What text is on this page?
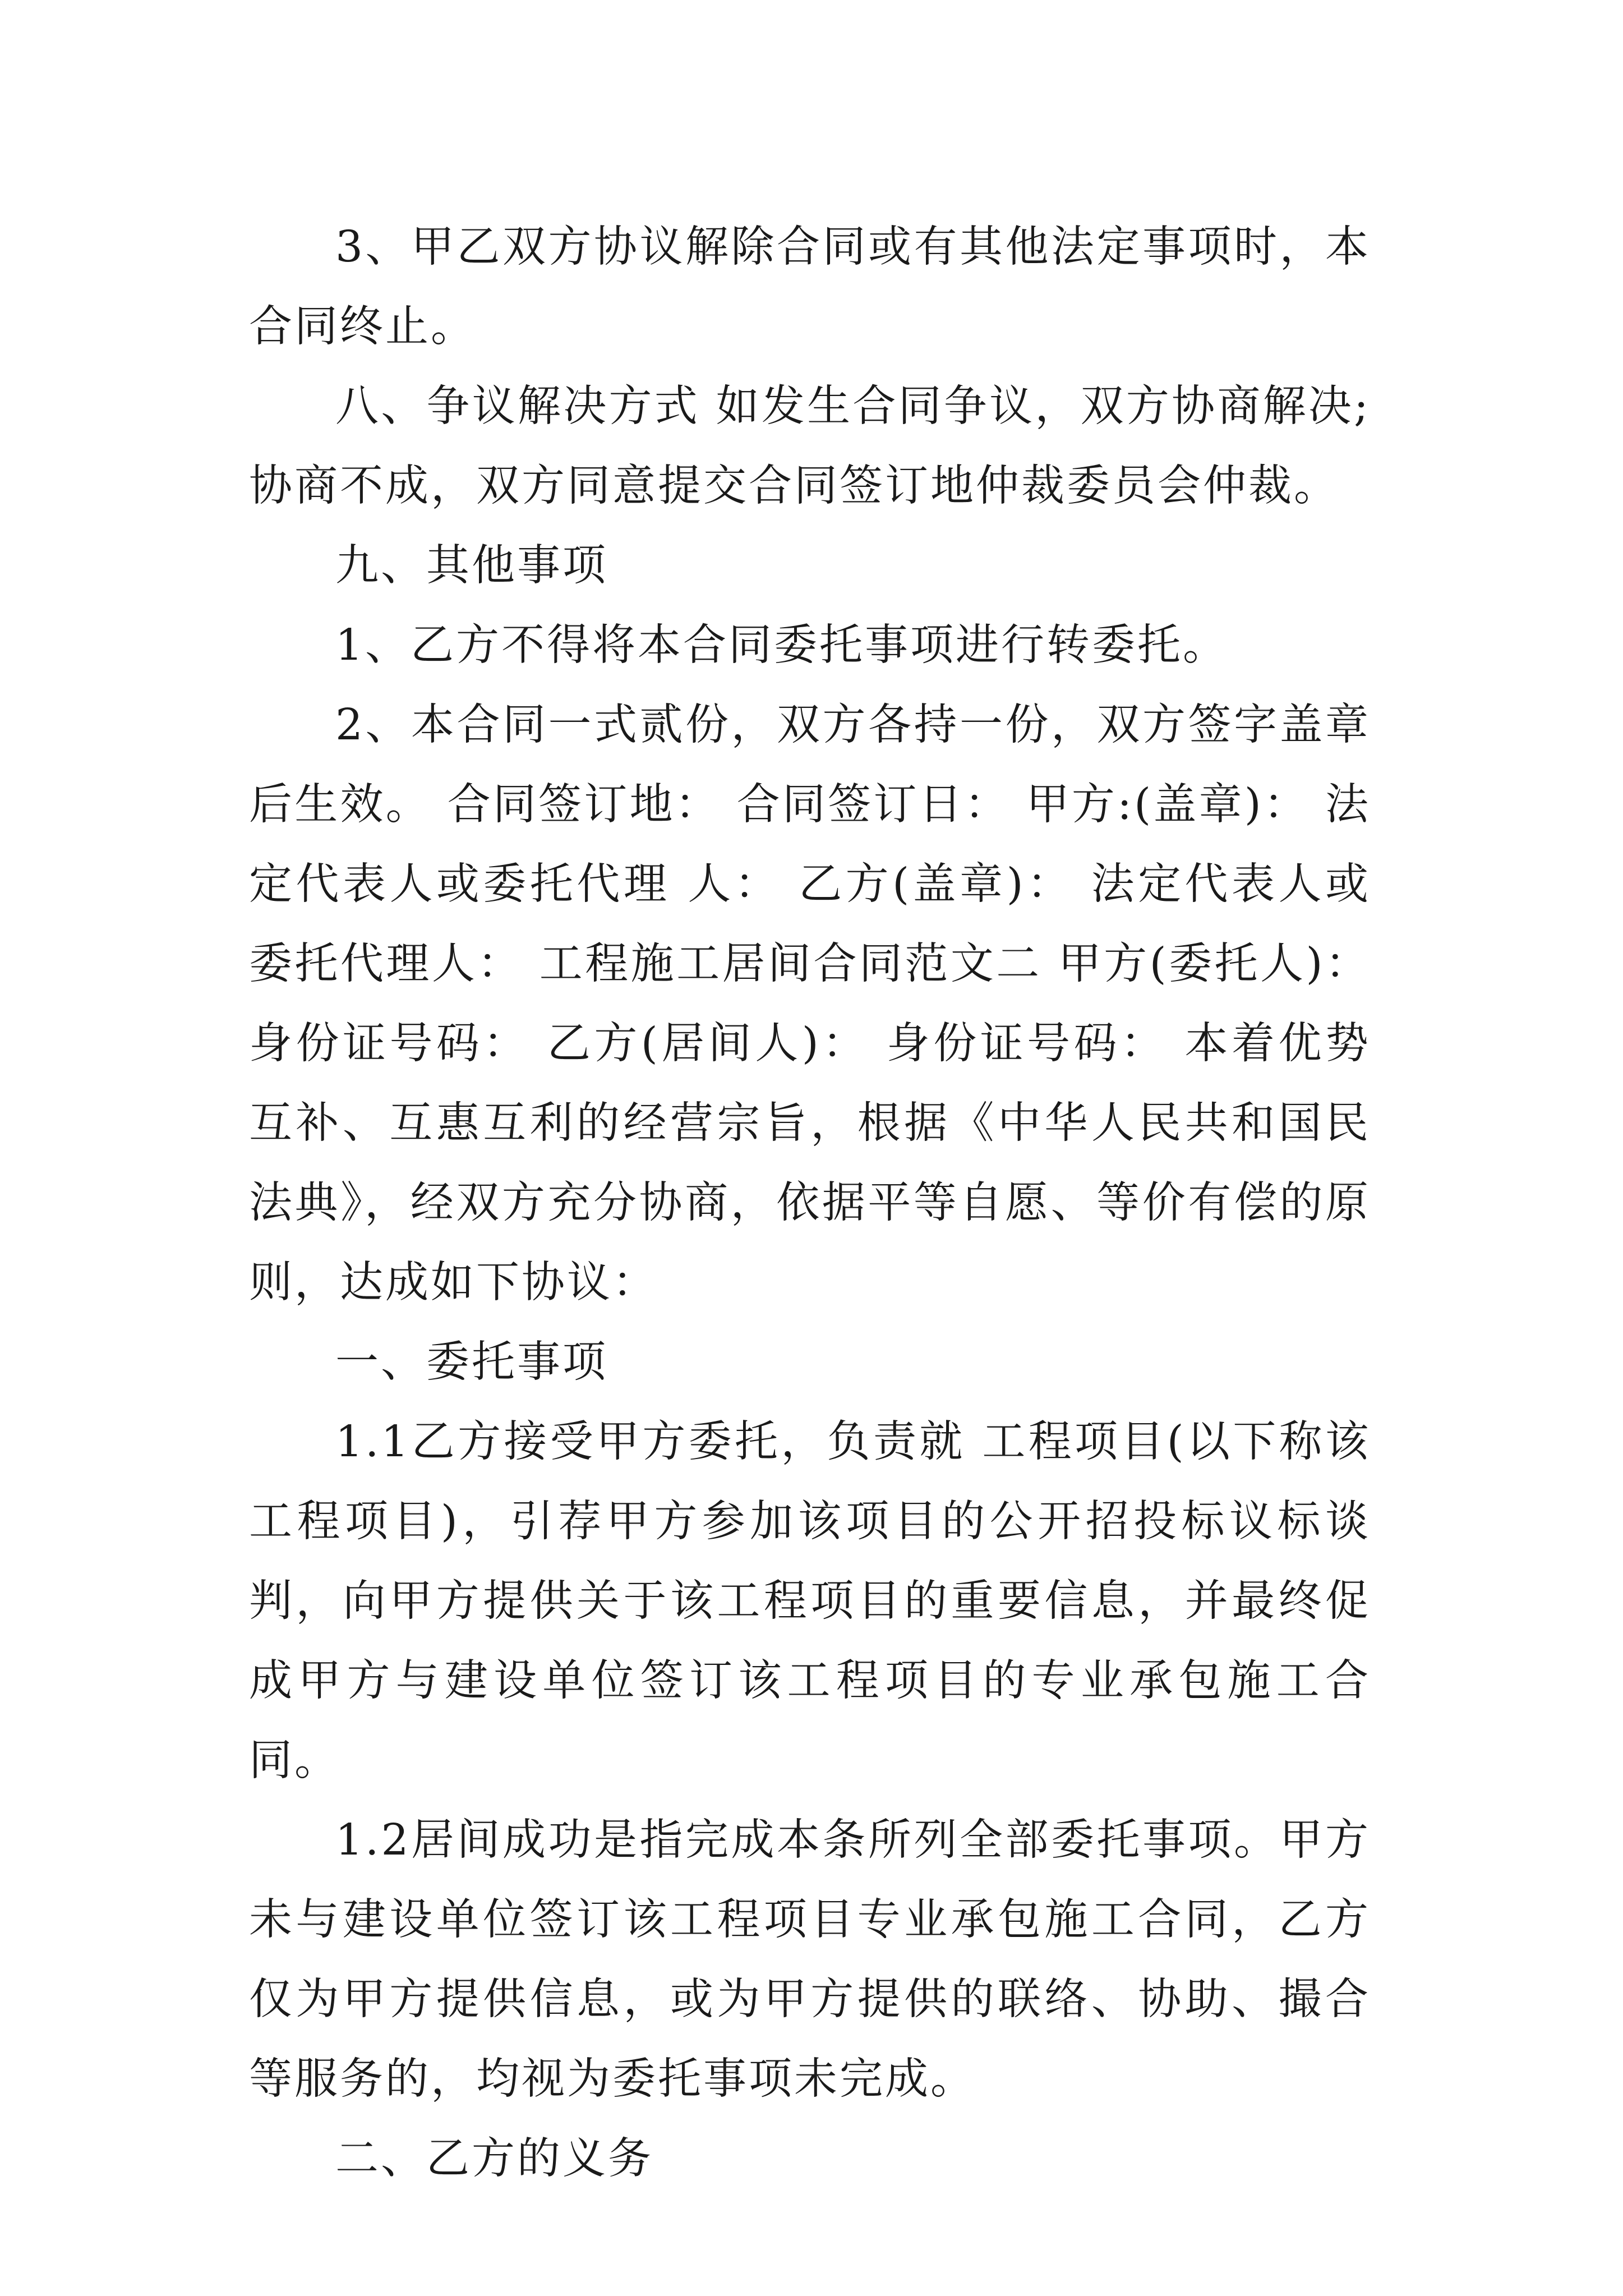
3、甲乙双方协议解除合同或有其他法定事项时，本合同终止。

八、争议解决方式 如发生合同争议，双方协商解决;协商不成，双方同意提交合同签订地仲裁委员会仲裁。

九、其他事项

1、乙方不得将本合同委托事项进行转委托。

2、本合同一式贰份，双方各持一份，双方签字盖章后生效。 合同签订地： 合同签订日： 甲方:(盖章)： 法定代表人或委托代理 人： 乙方(盖章)： 法定代表人或委托代理人： 工程施工居间合同范文二 甲方(委托人)： 身份证号码： 乙方(居间人)： 身份证号码： 本着优势互补、互惠互利的经营宗旨，根据《中华人民共和国民法典》，经双方充分协商，依据平等自愿、等价有偿的原则，达成如下协议：

一、委托事项

1.1乙方接受甲方委托，负责就 工程项目(以下称该工程项目)，引荐甲方参加该项目的公开招投标议标谈判，向甲方提供关于该工程项目的重要信息，并最终促成甲方与建设单位签订该工程项目的专业承包施工合同。

1.2居间成功是指完成本条所列全部委托事项。甲方未与建设单位签订该工程项目专业承包施工合同，乙方仅为甲方提供信息，或为甲方提供的联络、协助、撮合等服务的，均视为委托事项未完成。

二、乙方的义务
